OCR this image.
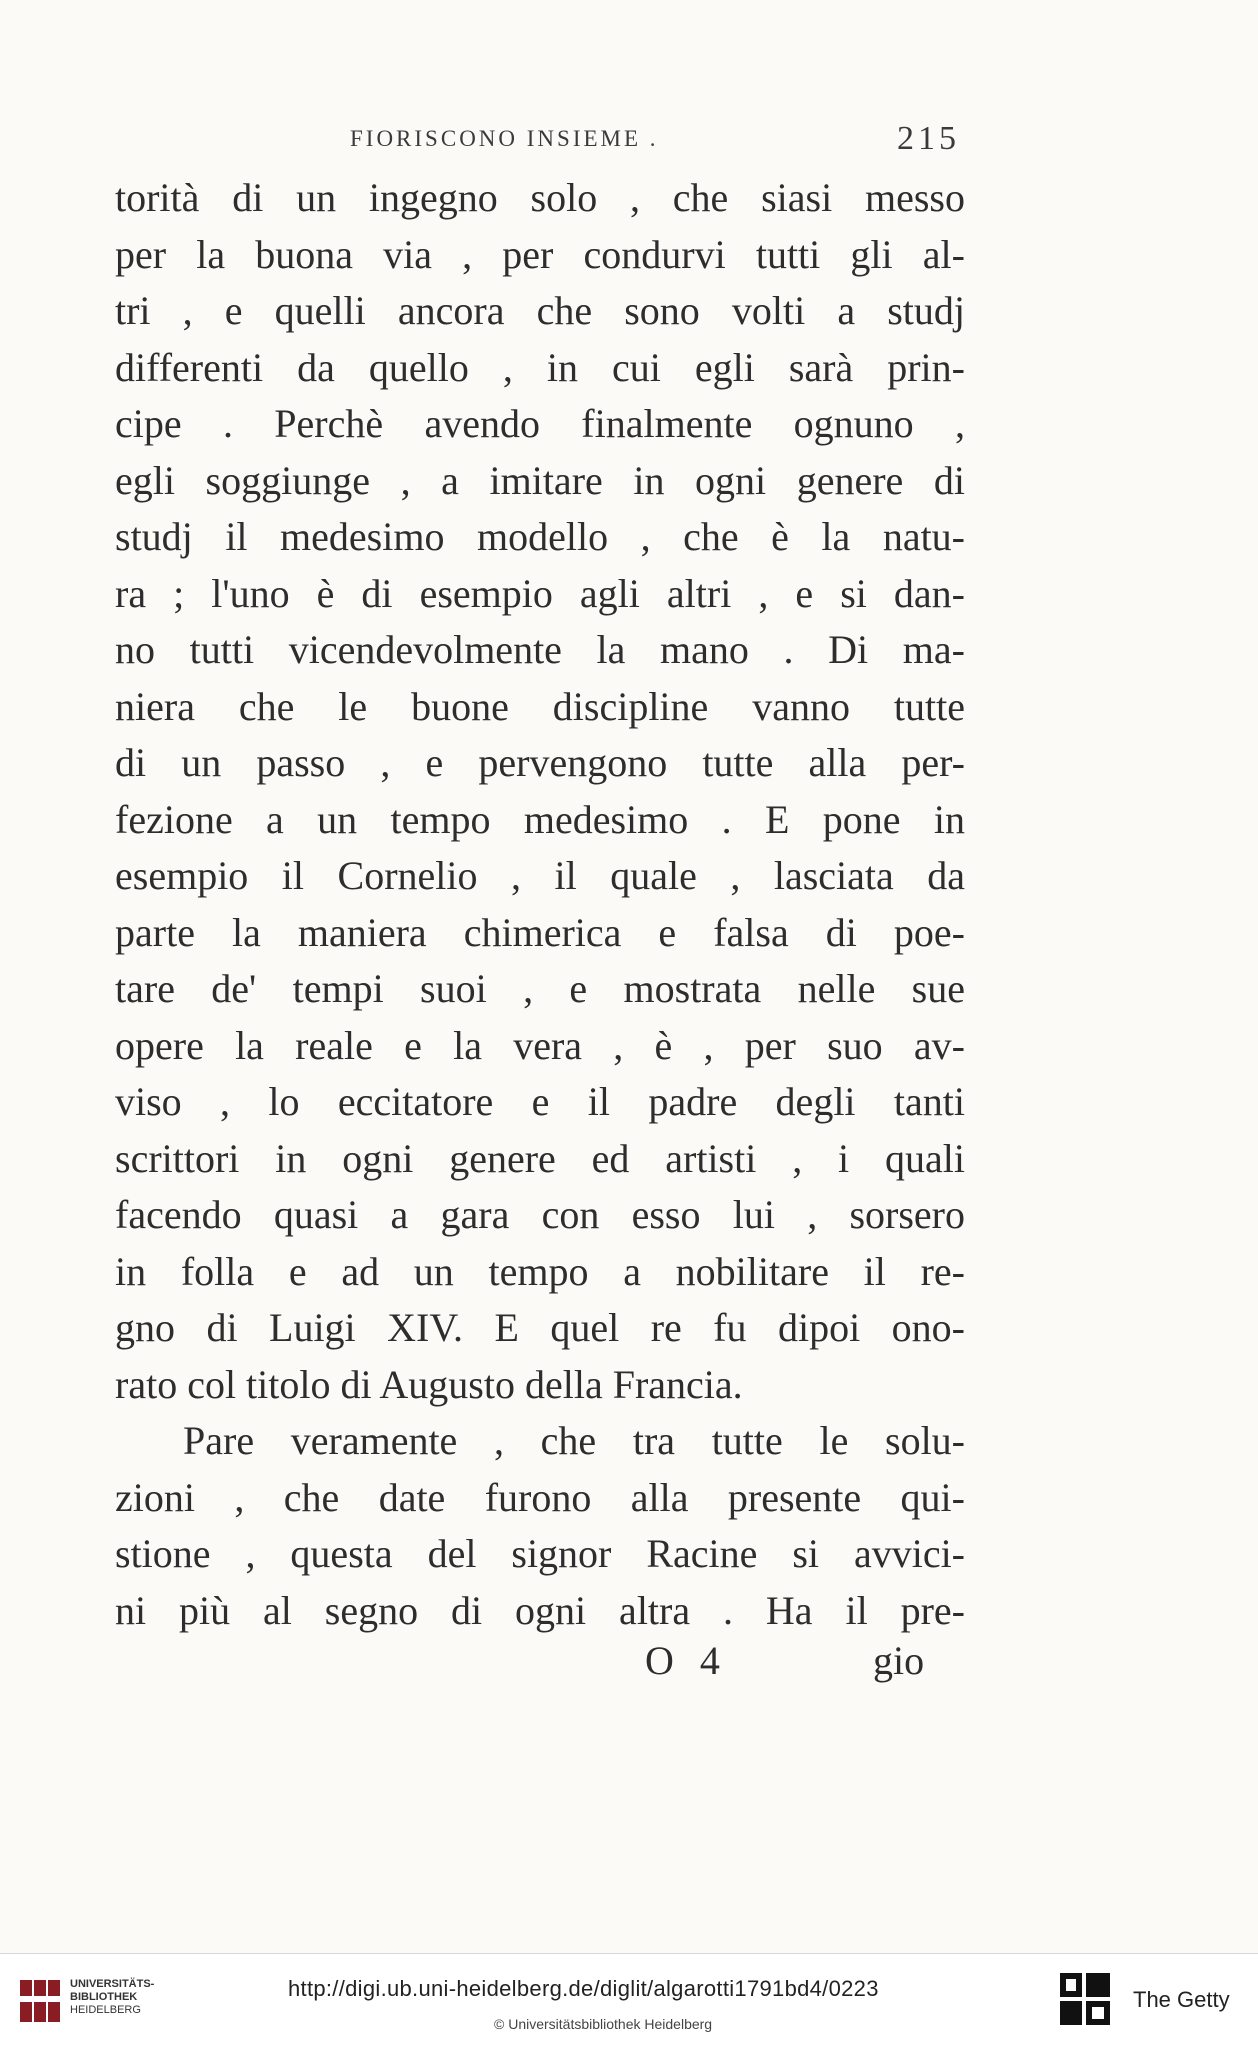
FIORISCONO INSIEME .	215
torità di un ingegno solo , che siasi messo
per la buona via , per condurvi tutti gli al-
tri , e quelli ancora che sono volti a studj
differenti da quello , in cui egli sarà prin-
cipe . Perchè avendo finalmente ognuno ,
egli soggiunge , a imitare in ogni genere di
studj il medesimo modello , che è la natu-
ra ; l'uno è di esempio agli altri , e si dan-
no tutti vicendevolmente la mano . Di ma-
niera che le buone discipline vanno tutte
di un passo , e pervengono tutte alla per-
fezione a un tempo medesimo . E pone in
esempio il Cornelio , il quale , lasciata da
parte la maniera chimerica e falsa di poe-
tare de' tempi suoi , e mostrata nelle sue
opere la reale e la vera , è , per suo av-
viso , lo eccitatore e il padre degli tanti
scrittori in ogni genere ed artisti , i quali
facendo quasi a gara con esso lui , sorsero
in folla e ad un tempo a nobilitare il re-
gno di Luigi XIV. E quel re fu dipoi ono-
rato col titolo di Augusto della Francia.
Pare veramente , che tra tutte le solu-
zioni , che date furono alla presente qui-
stione , questa del signor Racine si avvici-
ni più al segno di ogni altra . Ha il pre-
O 4	gio
UNIVERSITÄTS-
BIBLIOTHEK
HEIDELBERG
http://digi.ub.uni-heidelberg.de/diglit/algarotti1791bd4/0223
© Universitätsbibliothek Heidelberg
The Getty
